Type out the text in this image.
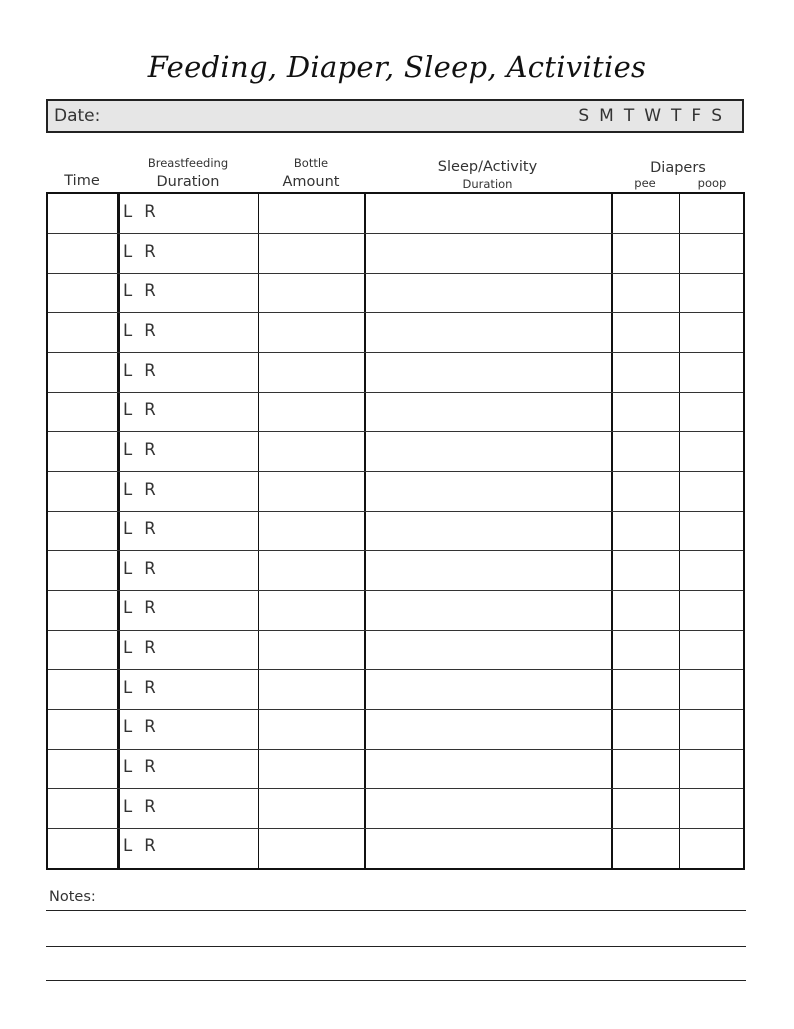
Feeding, Diaper, Sleep, Activities
Date:	S M T W T F S
Time
Breastfeeding
Duration
Bottle
Amount
Sleep/Activity
Duration
Diapers
pee	poop
L R
L R
L R
L R
L R
L R
L R
L R
L R
L R
L R
L R
L R
L R
L R
L R
L R
Notes:
